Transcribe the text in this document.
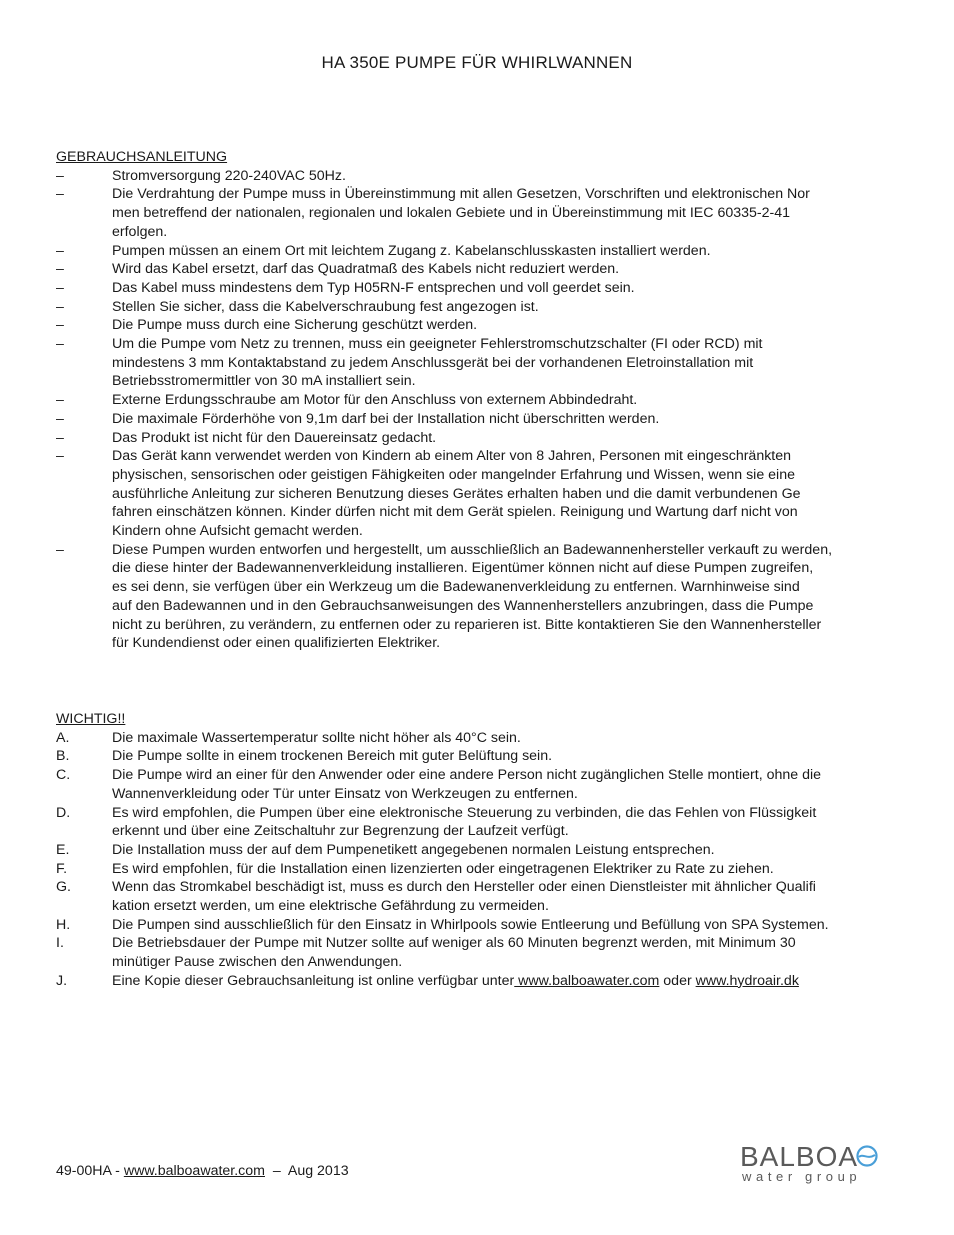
HA 350E PUMPE FÜR WHIRLWANNEN
GEBRAUCHSANLEITUNG
–	Stromversorgung 220-240VAC 50Hz.
–	Die Verdrahtung der Pumpe muss in Übereinstimmung mit allen Gesetzen, Vorschriften und elektronischen Nor
men betreffend der nationalen, regionalen und lokalen Gebiete und in Übereinstimmung mit IEC 60335-2-41
erfolgen.
–	Pumpen müssen an einem Ort mit leichtem Zugang z. Kabelanschlusskasten installiert werden.
–	Wird das Kabel ersetzt, darf das Quadratmaß des Kabels nicht reduziert werden.
–	Das Kabel muss mindestens dem Typ H05RN-F entsprechen und voll geerdet sein.
–	Stellen Sie sicher, dass die Kabelverschraubung fest angezogen ist.
–	Die Pumpe muss durch eine Sicherung geschützt werden.
–	Um die Pumpe vom Netz zu trennen, muss ein geeigneter Fehlerstromschutzschalter (FI oder RCD) mit
mindestens 3 mm Kontaktabstand zu jedem Anschlussgerät bei der vorhandenen Eletroinstallation mit
Betriebsstromermittler von 30 mA installiert sein.
–	Externe Erdungsschraube am Motor für den Anschluss von externem Abbindedraht.
–	Die maximale Förderhöhe von 9,1m darf bei der Installation nicht überschritten werden.
–	Das Produkt ist nicht für den Dauereinsatz gedacht.
–	Das Gerät kann verwendet werden von Kindern ab einem Alter von 8 Jahren, Personen mit eingeschränkten
physischen, sensorischen oder geistigen Fähigkeiten oder mangelnder Erfahrung und Wissen, wenn sie eine
ausführliche Anleitung zur sicheren Benutzung dieses Gerätes erhalten haben und die damit verbundenen Ge
fahren einschätzen können. Kinder dürfen nicht mit dem Gerät spielen. Reinigung und Wartung darf nicht von
Kindern ohne Aufsicht gemacht werden.
–	Diese Pumpen wurden entworfen und hergestellt, um ausschließlich an Badewannenhersteller verkauft zu werden,
die diese hinter der Badewannenverkleidung installieren. Eigentümer können nicht auf diese Pumpen zugreifen,
es sei denn, sie verfügen über ein Werkzeug um die Badewanenverkleidung zu entfernen. Warnhinweise sind
auf den Badewannen und in den Gebrauchsanweisungen des Wannenherstellers anzubringen, dass die Pumpe
nicht zu berühren, zu verändern, zu entfernen oder zu reparieren ist. Bitte kontaktieren Sie den Wannenhersteller
für Kundendienst oder einen qualifizierten Elektriker.
WICHTIG!!
A.	Die maximale Wassertemperatur sollte nicht höher als 40°C sein.
B.	Die Pumpe sollte in einem trockenen Bereich mit guter Belüftung sein.
C.	Die Pumpe wird an einer für den Anwender oder eine andere Person nicht zugänglichen Stelle montiert, ohne die
Wannenverkleidung oder Tür unter Einsatz von Werkzeugen zu entfernen.
D.	Es wird empfohlen, die Pumpen über eine elektronische Steuerung zu verbinden, die das Fehlen von Flüssigkeit
erkennt und über eine Zeitschaltuhr zur Begrenzung der Laufzeit verfügt.
E.	Die Installation muss der auf dem Pumpenetikett angegebenen normalen Leistung entsprechen.
F.	Es wird empfohlen, für die Installation einen lizenzierten oder eingetragenen Elektriker zu Rate zu ziehen.
G.	Wenn das Stromkabel beschädigt ist, muss es durch den Hersteller oder einen Dienstleister mit ähnlicher Qualifi
kation ersetzt werden, um eine elektrische Gefährdung zu vermeiden.
H.	Die Pumpen sind ausschließlich für den Einsatz in Whirlpools sowie Entleerung und Befüllung von SPA Systemen.
I.	Die Betriebsdauer der Pumpe mit Nutzer sollte auf weniger als 60 Minuten begrenzt werden, mit Minimum 30
minütiger Pause zwischen den Anwendungen.
J.	Eine Kopie dieser Gebrauchsanleitung ist online verfügbar unter www.balboawater.com oder www.hydroair.dk
49-00HA - www.balboawater.com  –  Aug 2013	BALBOA
water group
